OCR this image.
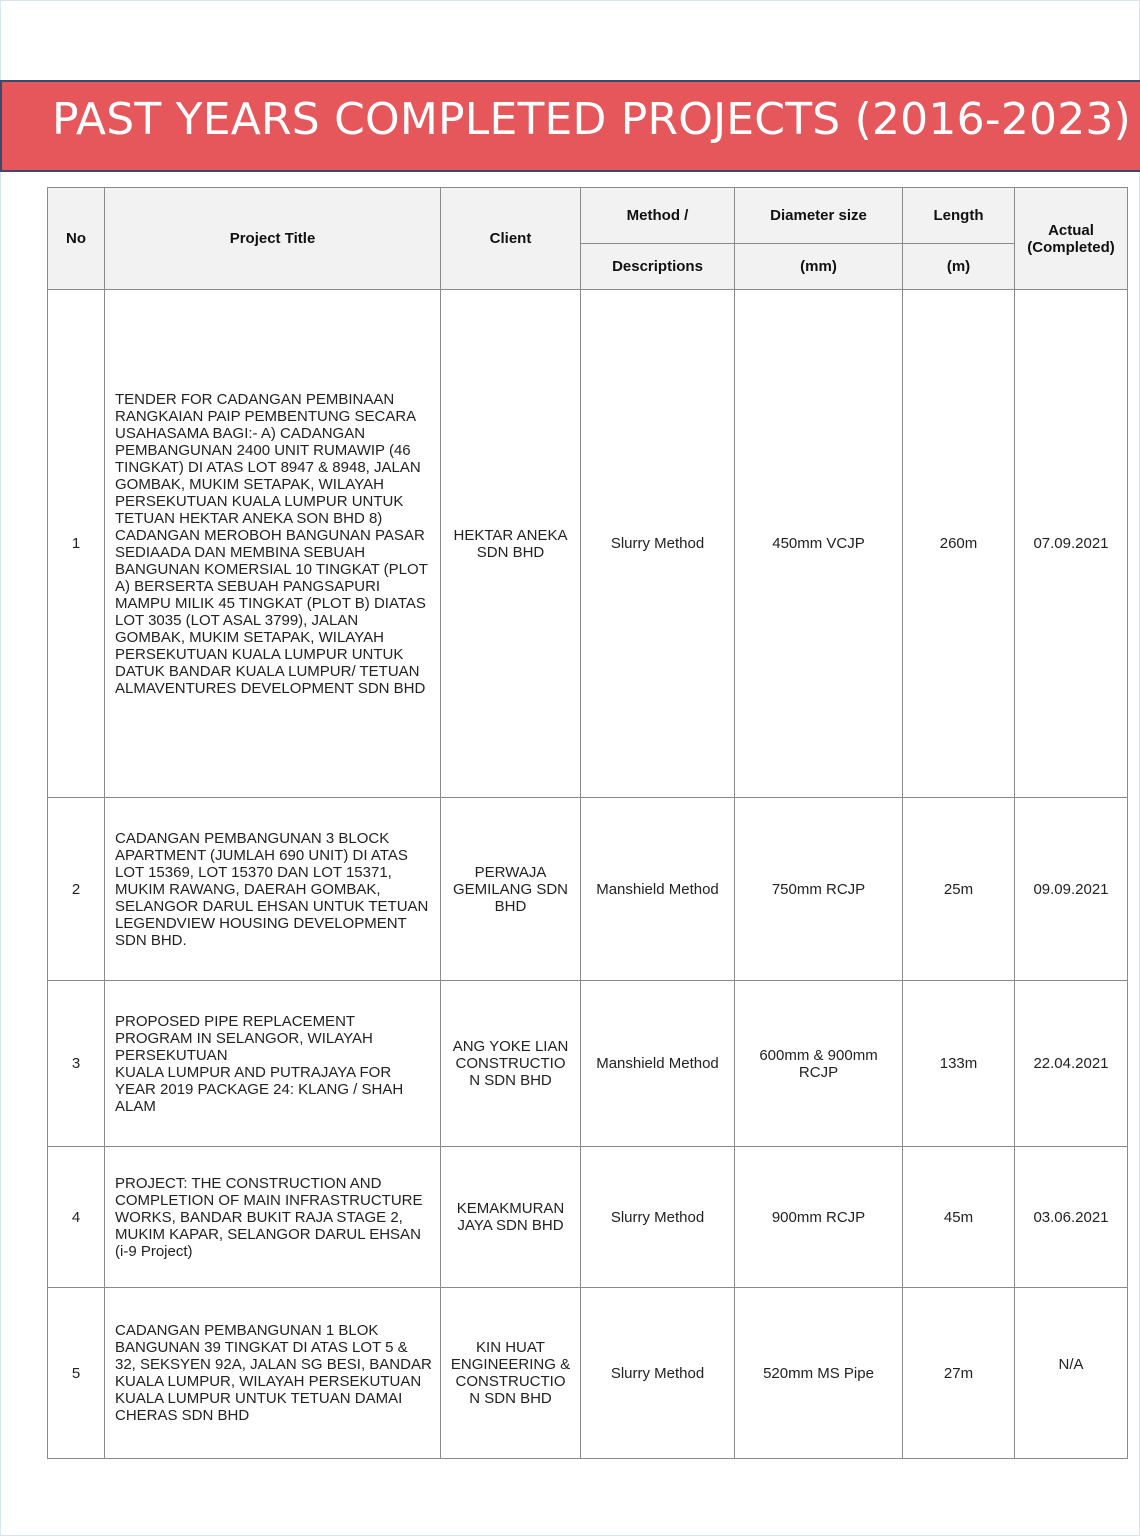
PAST YEARS COMPLETED PROJECTS (2016-2023)
No	Project Title	Client	Method /	Diameter size	Length	Actual (Completed)
			Descriptions	(mm)	(m)	
1	TENDER FOR CADANGAN PEMBINAAN RANGKAIAN PAIP PEMBENTUNG SECARA USAHASAMA BAGI:- A) CADANGAN PEMBANGUNAN 2400 UNIT RUMAWIP (46 TINGKAT) DI ATAS LOT 8947 & 8948, JALAN GOMBAK, MUKIM SETAPAK, WILAYAH PERSEKUTUAN KUALA LUMPUR UNTUK TETUAN HEKTAR ANEKA SON BHD 8) CADANGAN MEROBOH BANGUNAN PASAR SEDIAADA DAN MEMBINA SEBUAH BANGUNAN KOMERSIAL 10 TINGKAT (PLOT A) BERSERTA SEBUAH PANGSAPURI MAMPU MILIK 45 TINGKAT (PLOT B) DIATAS LOT 3035 (LOT ASAL 3799), JALAN GOMBAK, MUKIM SETAPAK, WILAYAH PERSEKUTUAN KUALA LUMPUR UNTUK DATUK BANDAR KUALA LUMPUR/ TETUAN ALMAVENTURES DEVELOPMENT SDN BHD	HEKTAR ANEKA SDN BHD	Slurry Method	450mm VCJP	260m	07.09.2021
2	CADANGAN PEMBANGUNAN 3 BLOCK APARTMENT (JUMLAH 690 UNIT) DI ATAS LOT 15369, LOT 15370 DAN LOT 15371, MUKIM RAWANG, DAERAH GOMBAK, SELANGOR DARUL EHSAN UNTUK TETUAN LEGENDVIEW HOUSING DEVELOPMENT SDN BHD.	PERWAJA GEMILANG SDN BHD	Manshield Method	750mm RCJP	25m	09.09.2021
3	PROPOSED PIPE REPLACEMENT PROGRAM IN SELANGOR, WILAYAH PERSEKUTUAN
KUALA LUMPUR AND PUTRAJAYA FOR YEAR 2019 PACKAGE 24: KLANG / SHAH ALAM	ANG YOKE LIAN CONSTRUCTIO N SDN BHD	Manshield Method	600mm & 900mm RCJP	133m	22.04.2021
4	PROJECT: THE CONSTRUCTION AND COMPLETION OF MAIN INFRASTRUCTURE WORKS, BANDAR BUKIT RAJA STAGE 2, MUKIM KAPAR, SELANGOR DARUL EHSAN (i-9 Project)	KEMAKMURAN JAYA SDN BHD	Slurry Method	900mm RCJP	45m	03.06.2021
5	CADANGAN PEMBANGUNAN 1 BLOK BANGUNAN 39 TINGKAT DI ATAS LOT 5 & 32, SEKSYEN 92A, JALAN SG BESI, BANDAR KUALA LUMPUR, WILAYAH PERSEKUTUAN KUALA LUMPUR UNTUK TETUAN DAMAI CHERAS SDN BHD	KIN HUAT ENGINEERING & CONSTRUCTIO N SDN BHD	Slurry Method	520mm MS Pipe	27m	N/A
